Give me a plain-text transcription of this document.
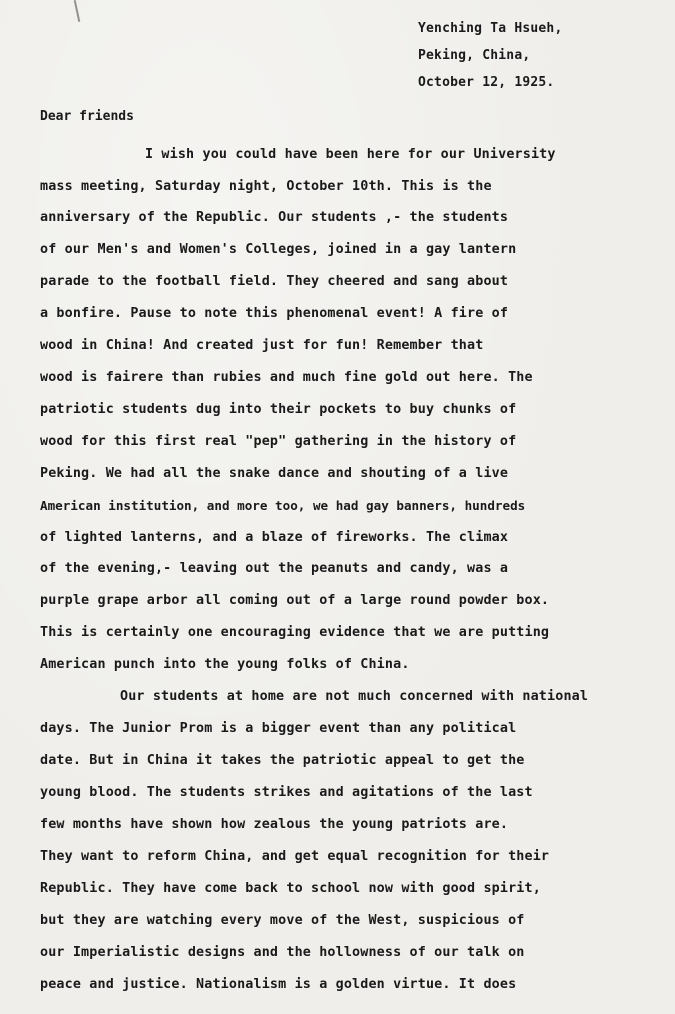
Yenching Ta Hsueh,
Peking, China,
October 12, 1925.
Dear friends
I wish you could have been here for our University
mass meeting, Saturday night, October 10th. This is the
anniversary of the Republic. Our students ,- the students
of our Men's and Women's Colleges, joined in a gay lantern
parade to the football field. They cheered and sang about
a bonfire. Pause to note this phenomenal event! A fire of
wood in China! And created just for fun! Remember that
wood is fairere than rubies and much fine gold out here. The
patriotic students dug into their pockets to buy chunks of
wood for this first real "pep" gathering in the history of
Peking. We had all the snake dance and shouting of a live
American institution, and more too, we had gay banners, hundreds
of lighted lanterns, and a blaze of fireworks. The climax
of the evening,- leaving out the peanuts and candy, was a
purple grape arbor all coming out of a large round powder box.
This is certainly one encouraging evidence that we are putting
American punch into the young folks of China.
Our students at home are not much concerned with national
days. The Junior Prom is a bigger event than any political
date. But in China it takes the patriotic appeal to get the
young blood. The students strikes and agitations of the last
few months have shown how zealous the young patriots are.
They want to reform China, and get equal recognition for their
Republic. They have come back to school now with good spirit,
but they are watching every move of the West, suspicious of
our Imperialistic designs and the hollowness of our talk on
peace and justice. Nationalism is a golden virtue. It does
